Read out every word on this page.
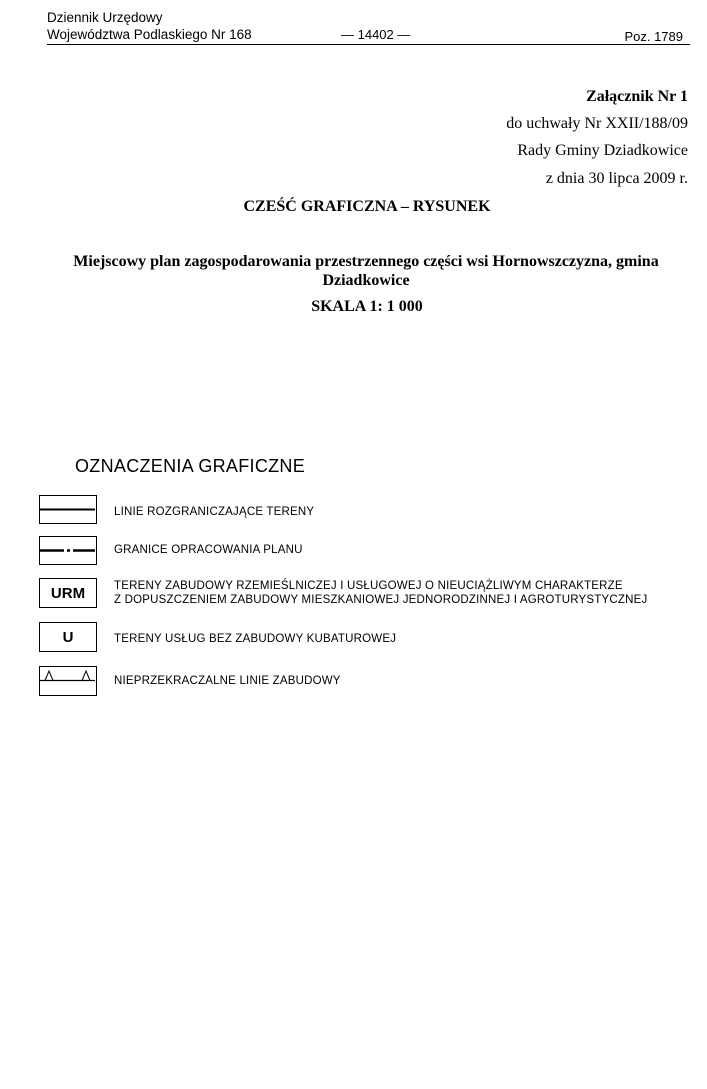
Dziennik Urzędowy
Województwa Podlaskiego Nr 168	— 14402 —	Poz. 1789
Załącznik Nr 1
do uchwały Nr XXII/188/09
Rady Gminy Dziadkowice
z dnia 30 lipca 2009 r.
CZEŚĆ GRAFICZNA – RYSUNEK
Miejscowy plan zagospodarowania przestrzennego części wsi Hornowszczyzna, gmina Dziadkowice
SKALA 1: 1 000
OZNACZENIA GRAFICZNE
LINIE ROZGRANICZAJĄCE TERENY
GRANICE OPRACOWANIA PLANU
URM	TERENY ZABUDOWY RZEMIEŚLNICZEJ I USŁUGOWEJ O NIEUCIĄŻLIWYM CHARAKTERZE
Z DOPUSZCZENIEM ZABUDOWY MIESZKANIOWEJ JEDNORODZINNEJ I AGROTURYSTYCZNEJ
U	TERENY USŁUG BEZ ZABUDOWY KUBATUROWEJ
NIEPRZEKRACZALNE LINIE ZABUDOWY
